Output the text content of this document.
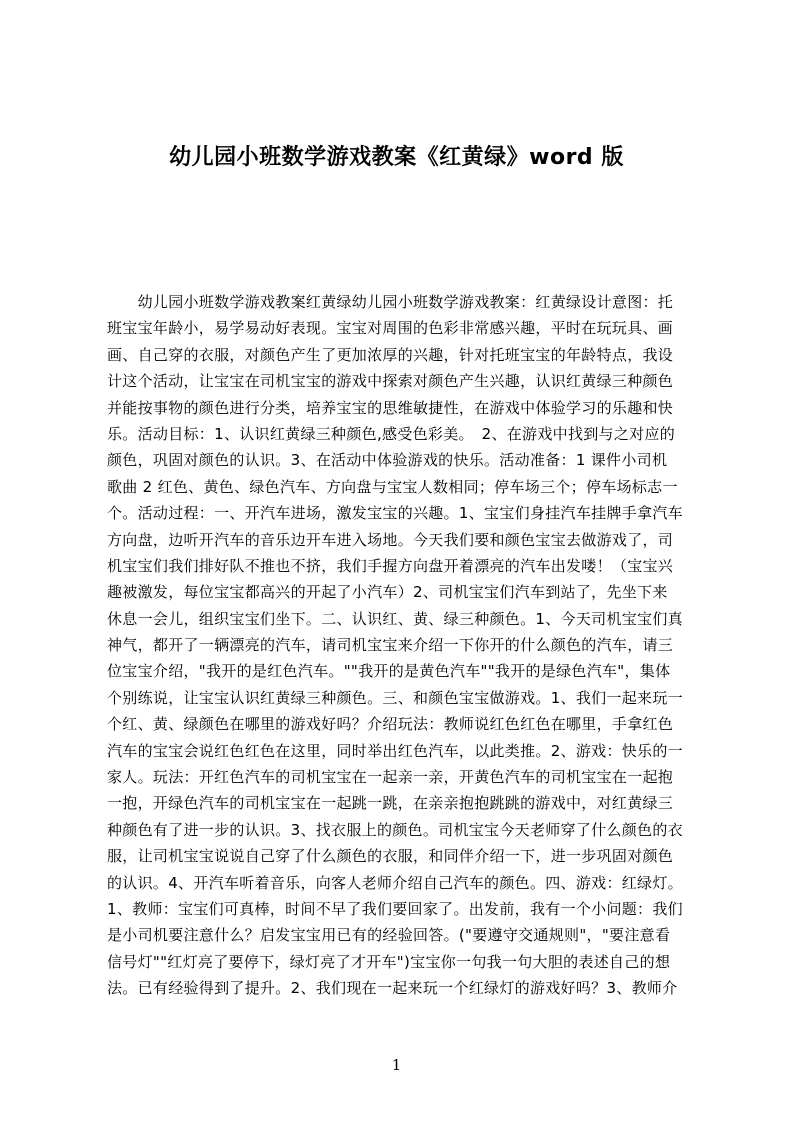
幼儿园小班数学游戏教案《红黄绿》word 版
　　幼儿园小班数学游戏教案红黄绿幼儿园小班数学游戏教案：红黄绿设计意图：托
班宝宝年龄小，易学易动好表现。宝宝对周围的色彩非常感兴趣，平时在玩玩具、画
画、自己穿的衣服，对颜色产生了更加浓厚的兴趣，针对托班宝宝的年龄特点，我设
计这个活动，让宝宝在司机宝宝的游戏中探索对颜色产生兴趣，认识红黄绿三种颜色
并能按事物的颜色进行分类，培养宝宝的思维敏捷性，在游戏中体验学习的乐趣和快
乐。活动目标：1、认识红黄绿三种颜色,感受色彩美。　2、在游戏中找到与之对应的
颜色，巩固对颜色的认识。3、在活动中体验游戏的快乐。活动准备：1 课件小司机
歌曲 2 红色、黄色、绿色汽车、方向盘与宝宝人数相同；停车场三个；停车场标志一
个。活动过程：一、开汽车进场，激发宝宝的兴趣。1、宝宝们身挂汽车挂牌手拿汽车
方向盘，边听开汽车的音乐边开车进入场地。今天我们要和颜色宝宝去做游戏了，司
机宝宝们我们排好队不推也不挤，我们手握方向盘开着漂亮的汽车出发喽！（宝宝兴
趣被激发，每位宝宝都高兴的开起了小汽车）2、司机宝宝们汽车到站了，先坐下来
休息一会儿，组织宝宝们坐下。二、认识红、黄、绿三种颜色。1、今天司机宝宝们真
神气，都开了一辆漂亮的汽车，请司机宝宝来介绍一下你开的什么颜色的汽车，请三
位宝宝介绍，"我开的是红色汽车。""我开的是黄色汽车""我开的是绿色汽车"，集体
个别练说，让宝宝认识红黄绿三种颜色。三、和颜色宝宝做游戏。1、我们一起来玩一
个红、黄、绿颜色在哪里的游戏好吗？介绍玩法：教师说红色红色在哪里，手拿红色
汽车的宝宝会说红色红色在这里，同时举出红色汽车，以此类推。2、游戏：快乐的一
家人。玩法：开红色汽车的司机宝宝在一起亲一亲，开黄色汽车的司机宝宝在一起抱
一抱，开绿色汽车的司机宝宝在一起跳一跳，在亲亲抱抱跳跳的游戏中，对红黄绿三
种颜色有了进一步的认识。3、找衣服上的颜色。司机宝宝今天老师穿了什么颜色的衣
服，让司机宝宝说说自己穿了什么颜色的衣服，和同伴介绍一下，进一步巩固对颜色
的认识。4、开汽车听着音乐，向客人老师介绍自己汽车的颜色。四、游戏：红绿灯。
1、教师：宝宝们可真棒，时间不早了我们要回家了。出发前，我有一个小问题：我们
是小司机要注意什么？启发宝宝用已有的经验回答。("要遵守交通规则"，"要注意看
信号灯""红灯亮了要停下，绿灯亮了才开车")宝宝你一句我一句大胆的表述自己的想
法。已有经验得到了提升。2、我们现在一起来玩一个红绿灯的游戏好吗？3、教师介
1
